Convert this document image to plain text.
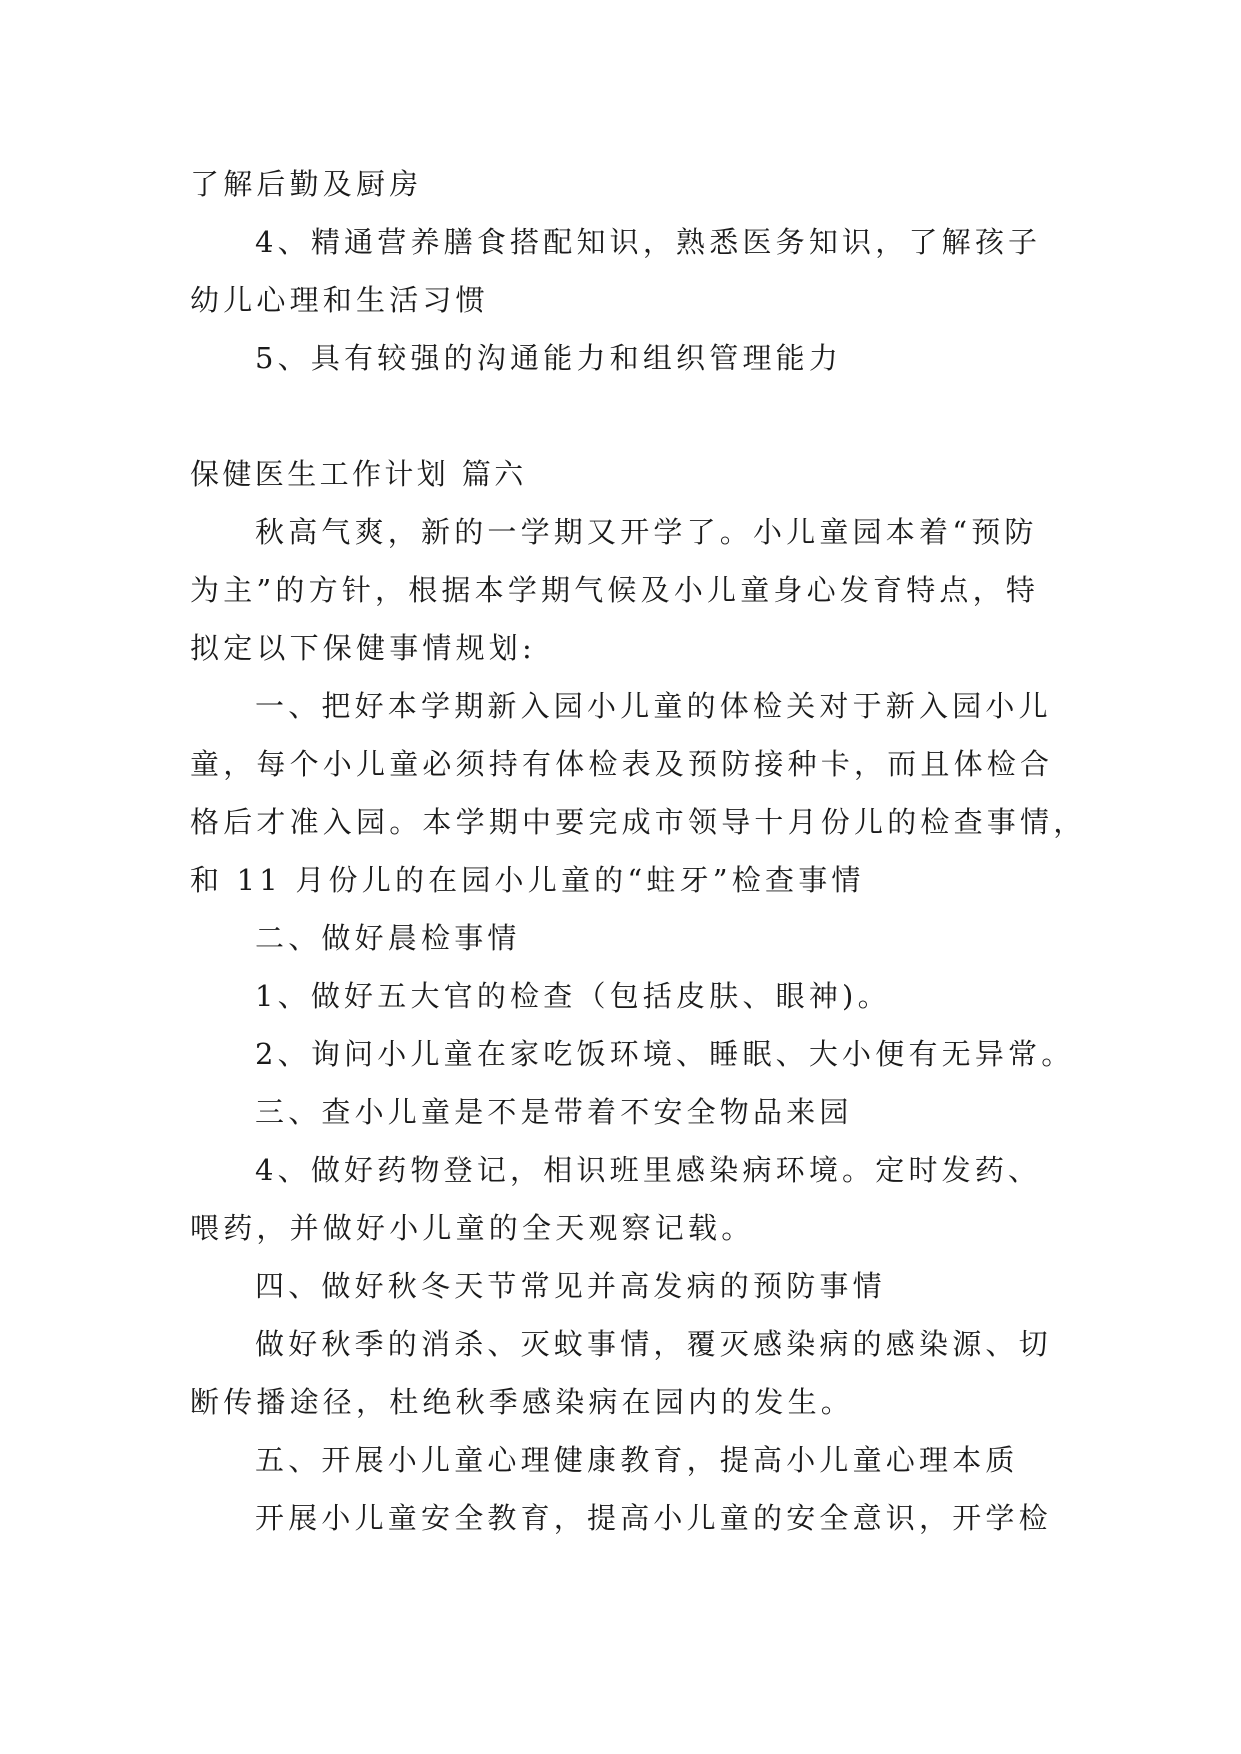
了解后勤及厨房
4、精通营养膳食搭配知识，熟悉医务知识，了解孩子
幼儿心理和生活习惯
5、具有较强的沟通能力和组织管理能力
保健医生工作计划 篇六
秋高气爽，新的一学期又开学了。小儿童园本着“预防
为主”的方针，根据本学期气候及小儿童身心发育特点，特
拟定以下保健事情规划:
一、把好本学期新入园小儿童的体检关对于新入园小儿
童，每个小儿童必须持有体检表及预防接种卡，而且体检合
格后才准入园。本学期中要完成市领导十月份儿的检查事情，
和 11 月份儿的在园小儿童的“蛀牙”检查事情
二、做好晨检事情
1、做好五大官的检查（包括皮肤、眼神)。
2、询问小儿童在家吃饭环境、睡眠、大小便有无异常。
三、查小儿童是不是带着不安全物品来园
4、做好药物登记，相识班里感染病环境。定时发药、
喂药，并做好小儿童的全天观察记载。
四、做好秋冬天节常见并高发病的预防事情
做好秋季的消杀、灭蚊事情，覆灭感染病的感染源、切
断传播途径，杜绝秋季感染病在园内的发生。
五、开展小儿童心理健康教育，提高小儿童心理本质
开展小儿童安全教育，提高小儿童的安全意识，开学检
